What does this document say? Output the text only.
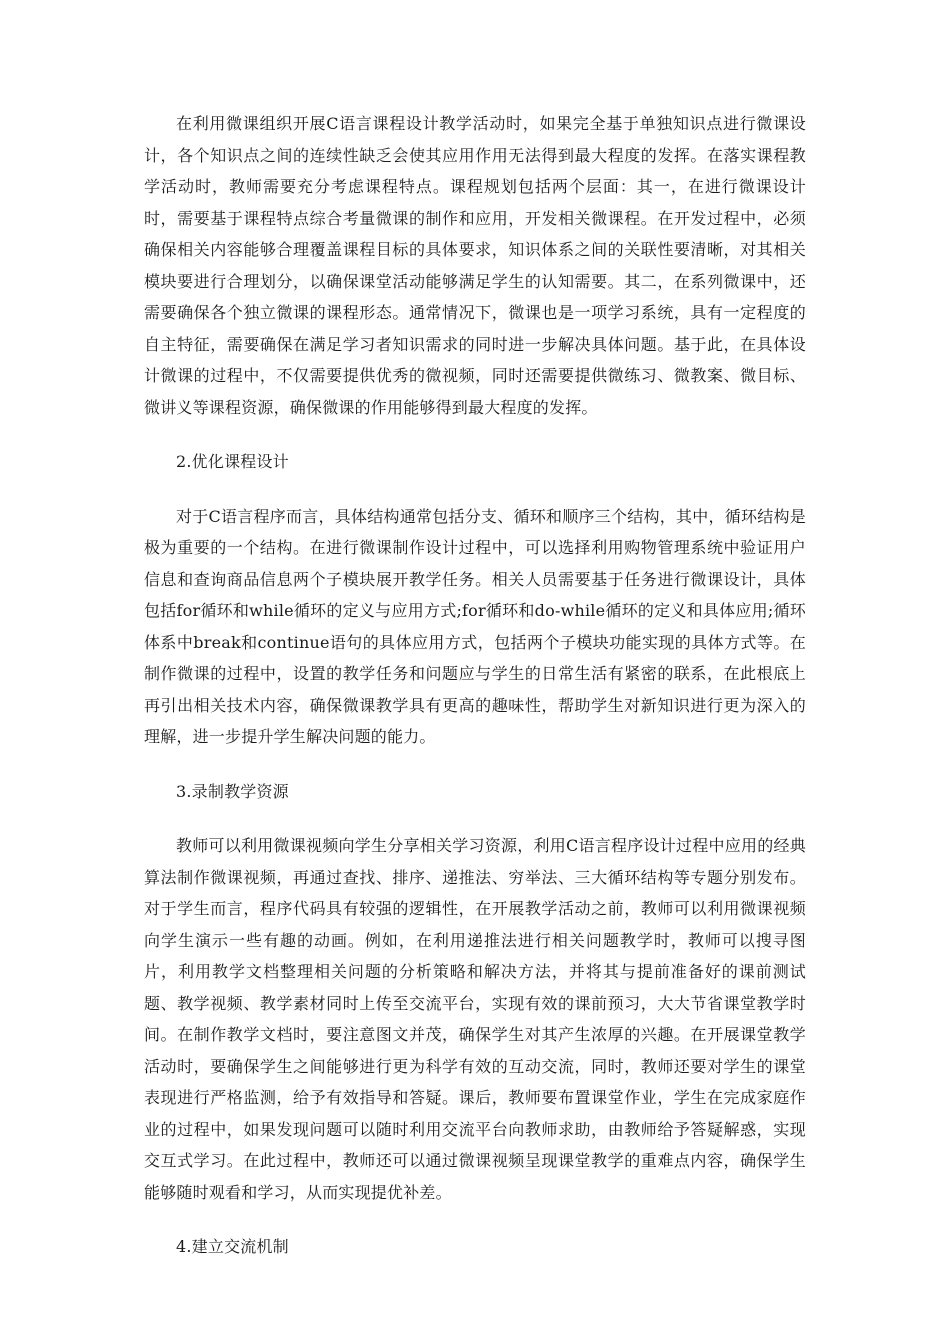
在利用微课组织开展C语言课程设计教学活动时，如果完全基于单独知识点进行微课设计，各个知识点之间的连续性缺乏会使其应用作用无法得到最大程度的发挥。在落实课程教学活动时，教师需要充分考虑课程特点。课程规划包括两个层面：其一，在进行微课设计时，需要基于课程特点综合考量微课的制作和应用，开发相关微课程。在开发过程中，必须确保相关内容能够合理覆盖课程目标的具体要求，知识体系之间的关联性要清晰，对其相关模块要进行合理划分，以确保课堂活动能够满足学生的认知需要。其二，在系列微课中，还需要确保各个独立微课的课程形态。通常情况下，微课也是一项学习系统，具有一定程度的自主特征，需要确保在满足学习者知识需求的同时进一步解决具体问题。基于此，在具体设计微课的过程中，不仅需要提供优秀的微视频，同时还需要提供微练习、微教案、微目标、微讲义等课程资源，确保微课的作用能够得到最大程度的发挥。

2.优化课程设计

对于C语言程序而言，具体结构通常包括分支、循环和顺序三个结构，其中，循环结构是极为重要的一个结构。在进行微课制作设计过程中，可以选择利用购物管理系统中验证用户信息和查询商品信息两个子模块展开教学任务。相关人员需要基于任务进行微课设计，具体包括for循环和while循环的定义与应用方式;for循环和do-while循环的定义和具体应用;循环体系中break和continue语句的具体应用方式，包括两个子模块功能实现的具体方式等。在制作微课的过程中，设置的教学任务和问题应与学生的日常生活有紧密的联系，在此根底上再引出相关技术内容，确保微课教学具有更高的趣味性，帮助学生对新知识进行更为深入的理解，进一步提升学生解决问题的能力。

3.录制教学资源

教师可以利用微课视频向学生分享相关学习资源，利用C语言程序设计过程中应用的经典算法制作微课视频，再通过查找、排序、递推法、穷举法、三大循环结构等专题分别发布。对于学生而言，程序代码具有较强的逻辑性，在开展教学活动之前，教师可以利用微课视频向学生演示一些有趣的动画。例如，在利用递推法进行相关问题教学时，教师可以搜寻图片，利用教学文档整理相关问题的分析策略和解决方法，并将其与提前准备好的课前测试题、教学视频、教学素材同时上传至交流平台，实现有效的课前预习，大大节省课堂教学时间。在制作教学文档时，要注意图文并茂，确保学生对其产生浓厚的兴趣。在开展课堂教学活动时，要确保学生之间能够进行更为科学有效的互动交流，同时，教师还要对学生的课堂表现进行严格监测，给予有效指导和答疑。课后，教师要布置课堂作业，学生在完成家庭作业的过程中，如果发现问题可以随时利用交流平台向教师求助，由教师给予答疑解惑，实现交互式学习。在此过程中，教师还可以通过微课视频呈现课堂教学的重难点内容，确保学生能够随时观看和学习，从而实现提优补差。

4.建立交流机制
